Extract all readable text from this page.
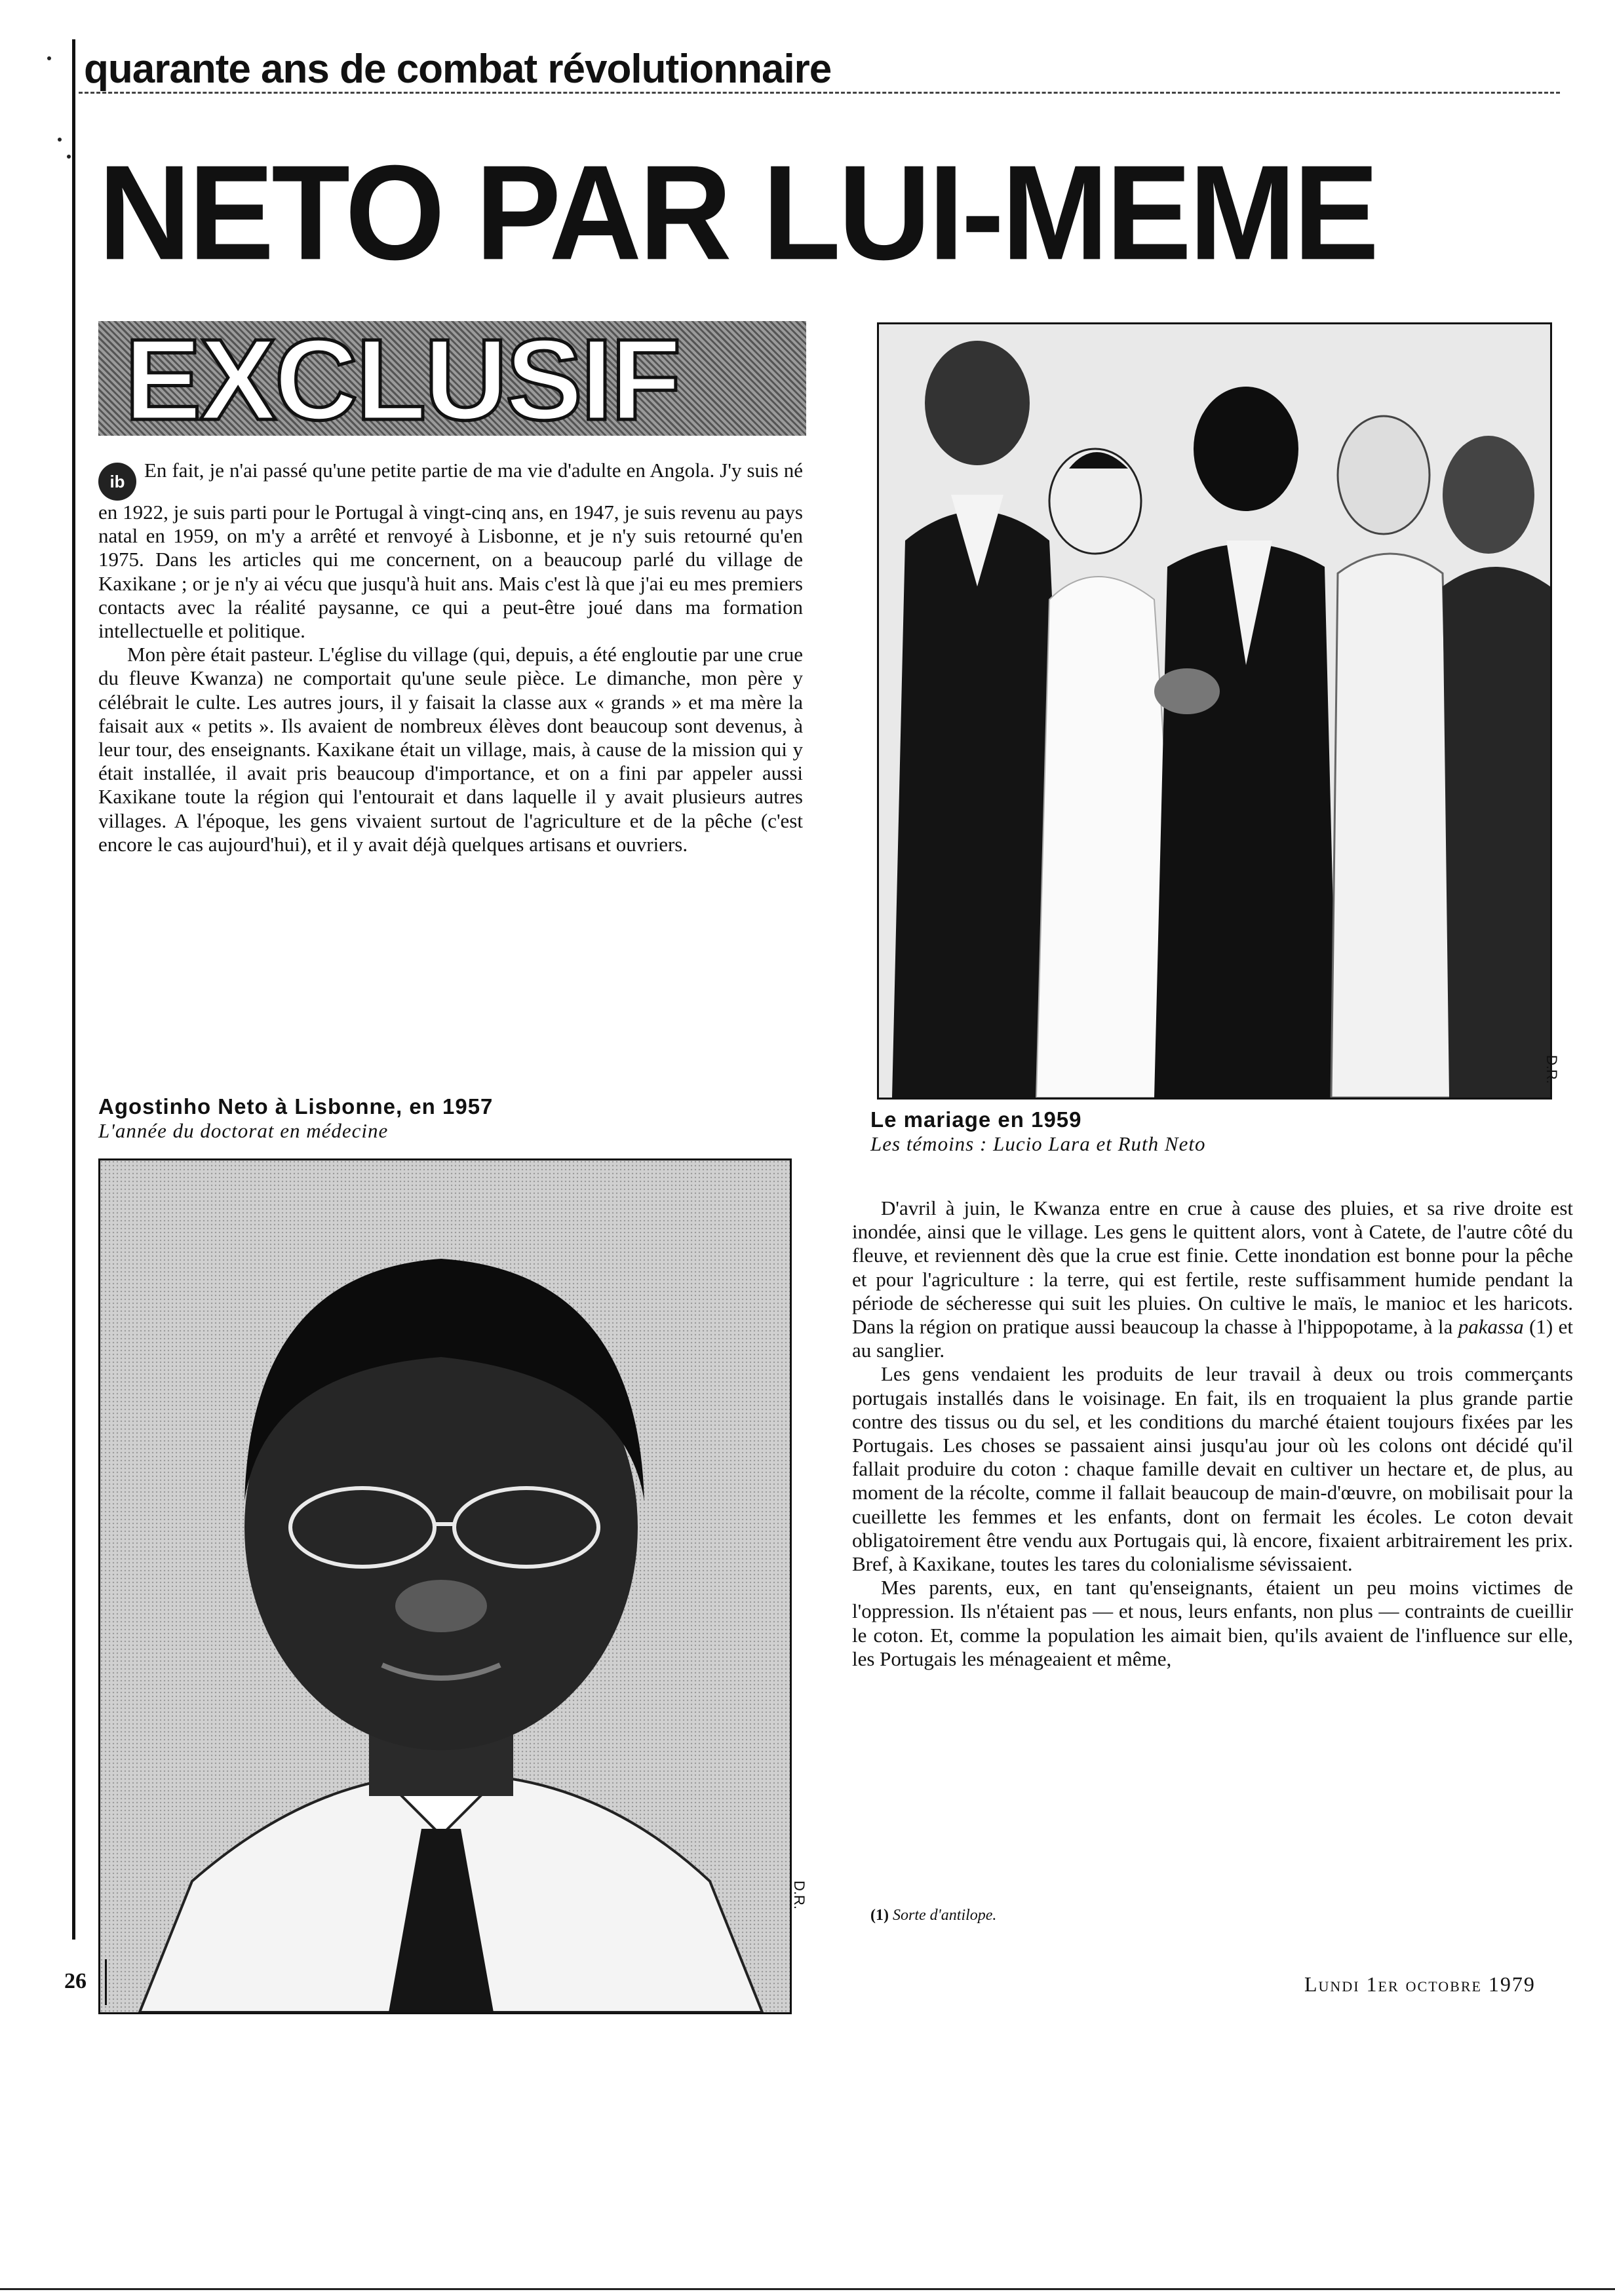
quarante ans de combat révolutionnaire
NETO PAR LUI-MEME
EXCLUSIF

ib En fait, je n'ai passé qu'une petite partie de ma vie d'adulte en Angola. J'y suis né en 1922, je suis parti pour le Portugal à vingt-cinq ans, en 1947, je suis revenu au pays natal en 1959, on m'y a arrêté et renvoyé à Lisbonne, et je n'y suis retourné qu'en 1975. Dans les articles qui me concernent, on a beaucoup parlé du village de Kaxikane ; or je n'y ai vécu que jusqu'à huit ans. Mais c'est là que j'ai eu mes premiers contacts avec la réalité paysanne, ce qui a peut-être joué dans ma formation intellectuelle et politique.

Mon père était pasteur. L'église du village (qui, depuis, a été engloutie par une crue du fleuve Kwanza) ne comportait qu'une seule pièce. Le dimanche, mon père y célébrait le culte. Les autres jours, il y faisait la classe aux « grands » et ma mère la faisait aux « petits ». Ils avaient de nombreux élèves dont beaucoup sont devenus, à leur tour, des enseignants. Kaxikane était un village, mais, à cause de la mission qui y était installée, il avait pris beaucoup d'importance, et on a fini par appeler aussi Kaxikane toute la région qui l'entourait et dans laquelle il y avait plusieurs autres villages. A l'époque, les gens vivaient surtout de l'agriculture et de la pêche (c'est encore le cas aujourd'hui), et il y avait déjà quelques artisans et ouvriers.

Agostinho Neto à Lisbonne, en 1957
L'année du doctorat en médecine
D.R.
D.R.
Le mariage en 1959
Les témoins : Lucio Lara et Ruth Neto

D'avril à juin, le Kwanza entre en crue à cause des pluies, et sa rive droite est inondée, ainsi que le village. Les gens le quittent alors, vont à Catete, de l'autre côté du fleuve, et reviennent dès que la crue est finie. Cette inondation est bonne pour la pêche et pour l'agriculture : la terre, qui est fertile, reste suffisamment humide pendant la période de sécheresse qui suit les pluies. On cultive le maïs, le manioc et les haricots. Dans la région on pratique aussi beaucoup la chasse à l'hippopotame, à la pakassa (1) et au sanglier.

Les gens vendaient les produits de leur travail à deux ou trois commerçants portugais installés dans le voisinage. En fait, ils en troquaient la plus grande partie contre des tissus ou du sel, et les conditions du marché étaient toujours fixées par les Portugais. Les choses se passaient ainsi jusqu'au jour où les colons ont décidé qu'il fallait produire du coton : chaque famille devait en cultiver un hectare et, de plus, au moment de la récolte, comme il fallait beaucoup de main-d'œuvre, on mobilisait pour la cueillette les femmes et les enfants, dont on fermait les écoles. Le coton devait obligatoirement être vendu aux Portugais qui, là encore, fixaient arbitrairement les prix. Bref, à Kaxikane, toutes les tares du colonialisme sévissaient.

Mes parents, eux, en tant qu'enseignants, étaient un peu moins victimes de l'oppression. Ils n'étaient pas — et nous, leurs enfants, non plus — contraints de cueillir le coton. Et, comme la population les aimait bien, qu'ils avaient de l'influence sur elle, les Portugais les ménageaient et même,

(1) Sorte d'antilope.
26	Lundi 1er octobre 1979
